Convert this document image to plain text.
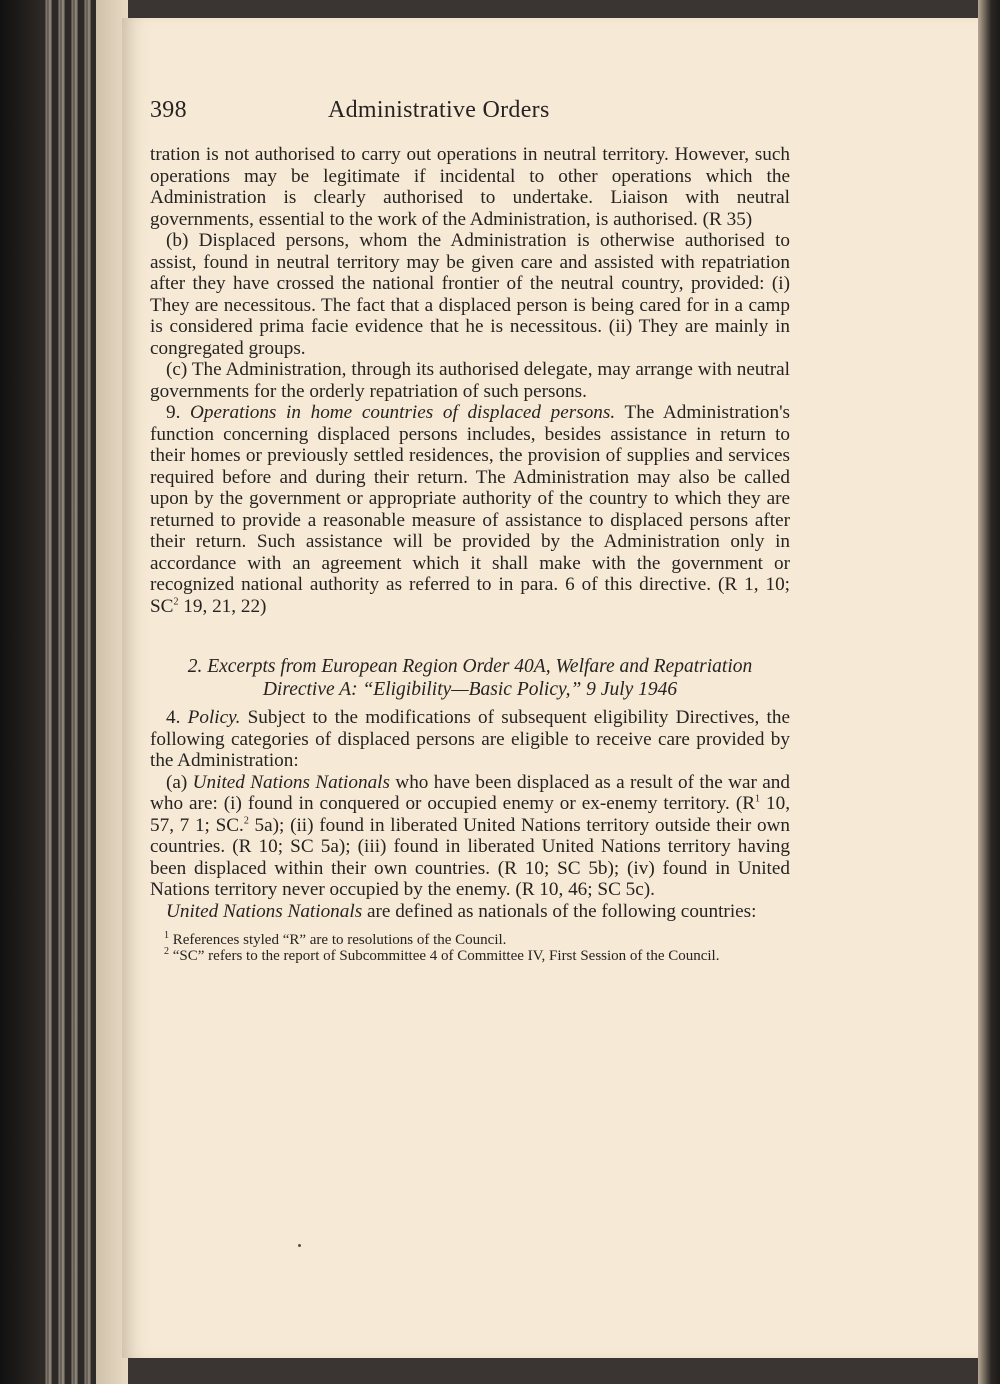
398	Administrative Orders

tration is not authorised to carry out operations in neutral territory. However, such operations may be legitimate if incidental to other operations which the Administration is clearly authorised to undertake. Liaison with neutral governments, essential to the work of the Administration, is authorised. (R 35)

(b) Displaced persons, whom the Administration is otherwise authorised to assist, found in neutral territory may be given care and assisted with repatriation after they have crossed the national frontier of the neutral country, provided: (i) They are necessitous. The fact that a displaced person is being cared for in a camp is considered prima facie evidence that he is necessitous. (ii) They are mainly in congregated groups.

(c) The Administration, through its authorised delegate, may arrange with neutral governments for the orderly repatriation of such persons.

9. Operations in home countries of displaced persons. The Administration's function concerning displaced persons includes, besides assistance in return to their homes or previously settled residences, the provision of supplies and services required before and during their return. The Administration may also be called upon by the government or appropriate authority of the country to which they are returned to provide a reasonable measure of assistance to displaced persons after their return. Such assistance will be provided by the Administration only in accordance with an agreement which it shall make with the government or recognized national authority as referred to in para. 6 of this directive. (R 1, 10; $SC^2$ 19, 21, 22)

2. Excerpts from European Region Order 40A, Welfare and Repatriation
Directive A: “Eligibility—Basic Policy,” 9 July 1946

4. Policy. Subject to the modifications of subsequent eligibility Directives, the following categories of displaced persons are eligible to receive care provided by the Administration:

(a) United Nations Nationals who have been displaced as a result of the war and who are: (i) found in conquered or occupied enemy or ex-enemy territory. ($R^1$ 10, 57, 7 1; SC.$^2$ 5a); (ii) found in liberated United Nations territory outside their own countries. (R 10; SC 5a); (iii) found in liberated United Nations territory having been displaced within their own countries. (R 10; SC 5b); (iv) found in United Nations territory never occupied by the enemy. (R 10, 46; SC 5c).

United Nations Nationals are defined as nationals of the following countries:

$^1$ References styled “R” are to resolutions of the Council.

$^2$ “SC” refers to the report of Subcommittee 4 of Committee IV, First Session of the Council.
